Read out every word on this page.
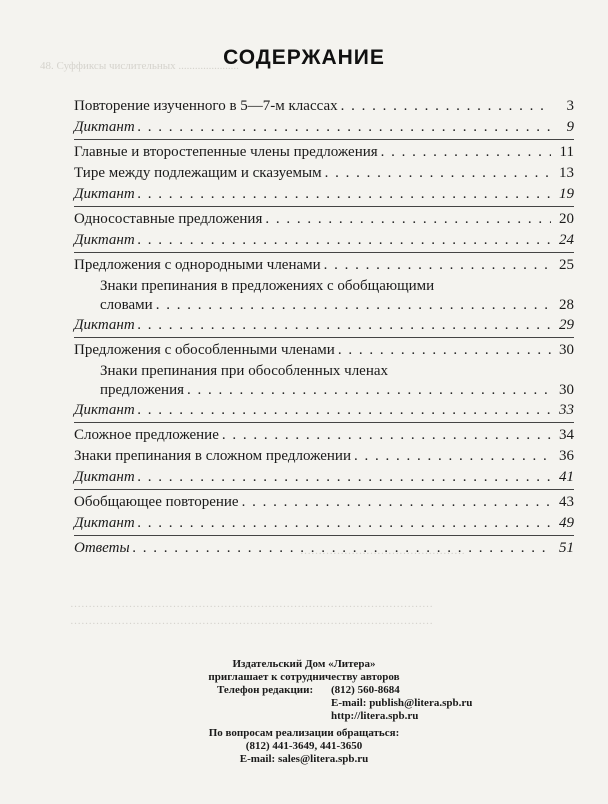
48. Суффиксы числительных ......................
………………………………………
………………………………………………………………………………………
………………………………………………………………………………………
СОДЕРЖАНИЕ
Повторение изученного в 5—7-м классах . . .	3
Диктант . . .	9
Главные и второстепенные члены предложения . . .	11
Тире между подлежащим и сказуемым . . .	13
Диктант . . .	19
Односоставные предложения . . .	20
Диктант . . .	24
Предложения с однородными членами . . .	25
Знаки препинания в предложениях с обобщающими
словами . . .	28
Диктант . . .	29
Предложения с обособленными членами . . .	30
Знаки препинания при обособленных членах
предложения . . .	30
Диктант . . .	33
Сложное предложение . . .	34
Знаки препинания в сложном предложении . . .	36
Диктант . . .	41
Обобщающее повторение . . .	43
Диктант . . .	49
Ответы . . .	51
Издательский Дом «Литера»
приглашает к сотрудничеству авторов
Телефон редакции: (812) 560-8684
E-mail: publish@litera.spb.ru
http://litera.spb.ru
По вопросам реализации обращаться:
(812) 441-3649, 441-3650
E-mail: sales@litera.spb.ru
